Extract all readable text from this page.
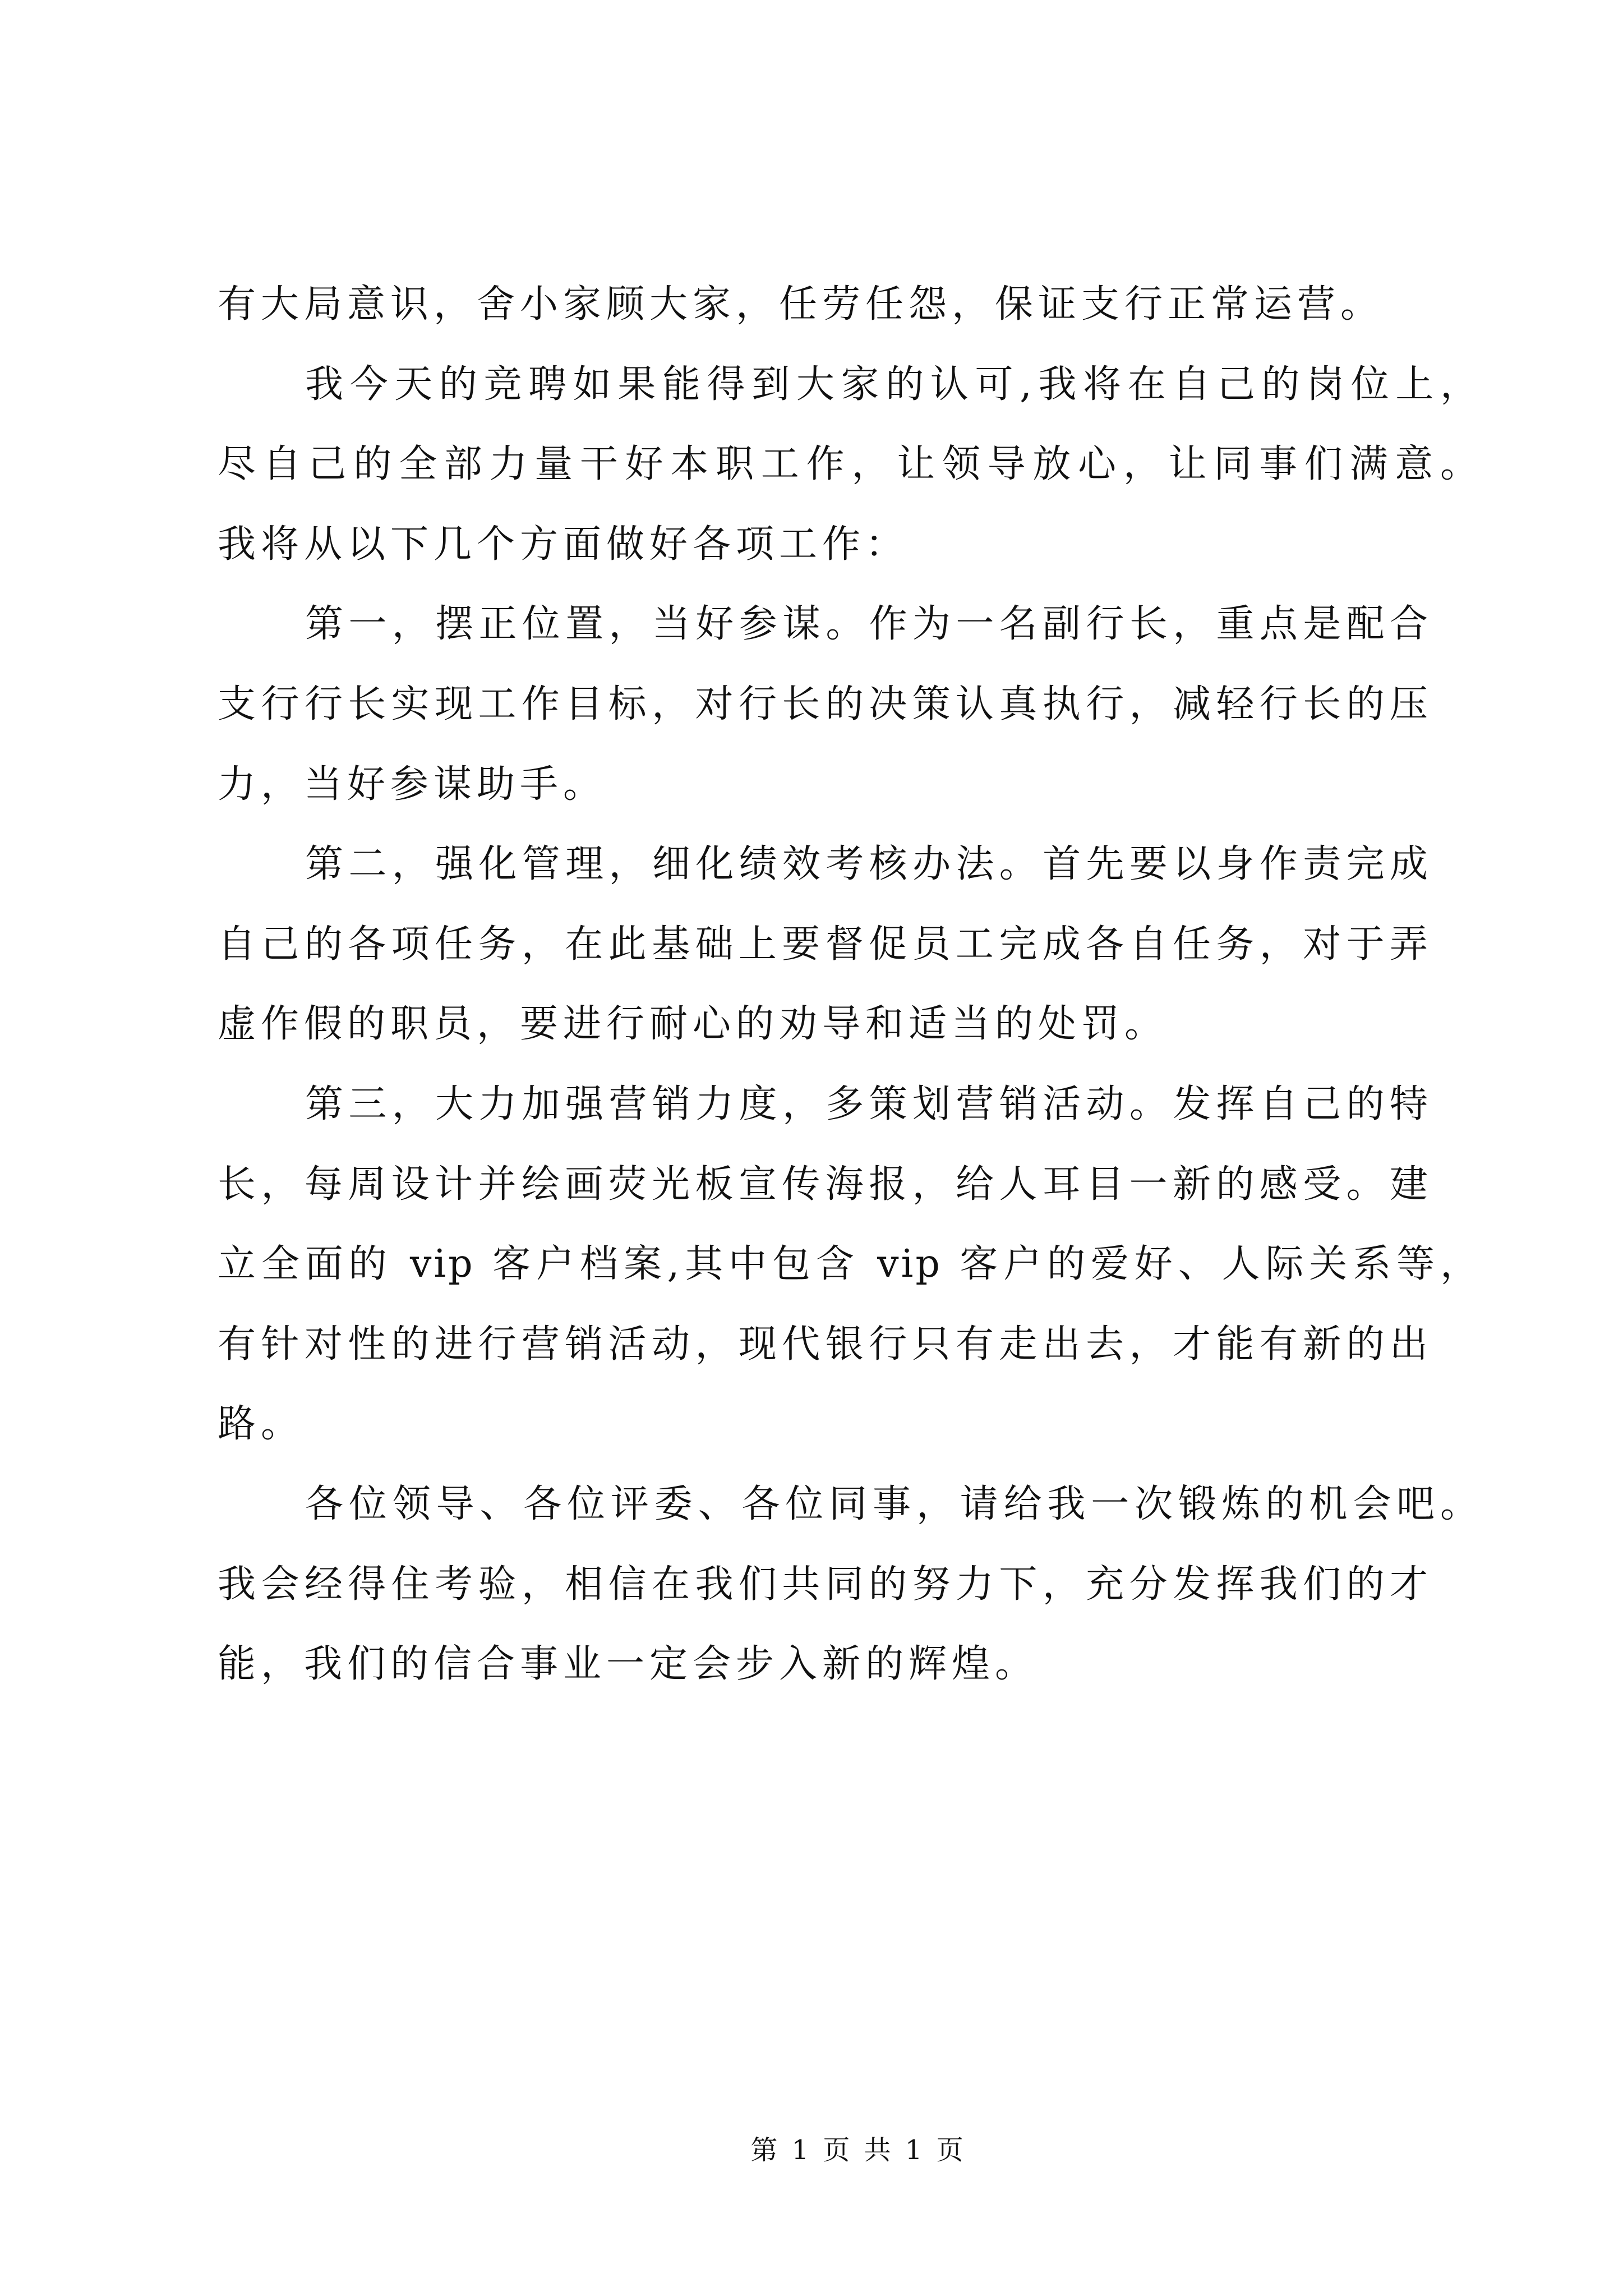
有大局意识，舍小家顾大家，任劳任怨，保证支行正常运营。
我今天的竞聘如果能得到大家的认可,我将在自己的岗位上，
尽自己的全部力量干好本职工作，让领导放心，让同事们满意。
我将从以下几个方面做好各项工作：
第一，摆正位置，当好参谋。作为一名副行长，重点是配合
支行行长实现工作目标，对行长的决策认真执行，减轻行长的压
力，当好参谋助手。
第二，强化管理，细化绩效考核办法。首先要以身作责完成
自己的各项任务，在此基础上要督促员工完成各自任务，对于弄
虚作假的职员，要进行耐心的劝导和适当的处罚。
第三，大力加强营销力度，多策划营销活动。发挥自己的特
长，每周设计并绘画荧光板宣传海报，给人耳目一新的感受。建
立全面的 vip 客户档案,其中包含 vip 客户的爱好、人际关系等，
有针对性的进行营销活动，现代银行只有走出去，才能有新的出
路。
各位领导、各位评委、各位同事，请给我一次锻炼的机会吧。
我会经得住考验，相信在我们共同的努力下，充分发挥我们的才
能，我们的信合事业一定会步入新的辉煌。
第 1 页 共 1 页
